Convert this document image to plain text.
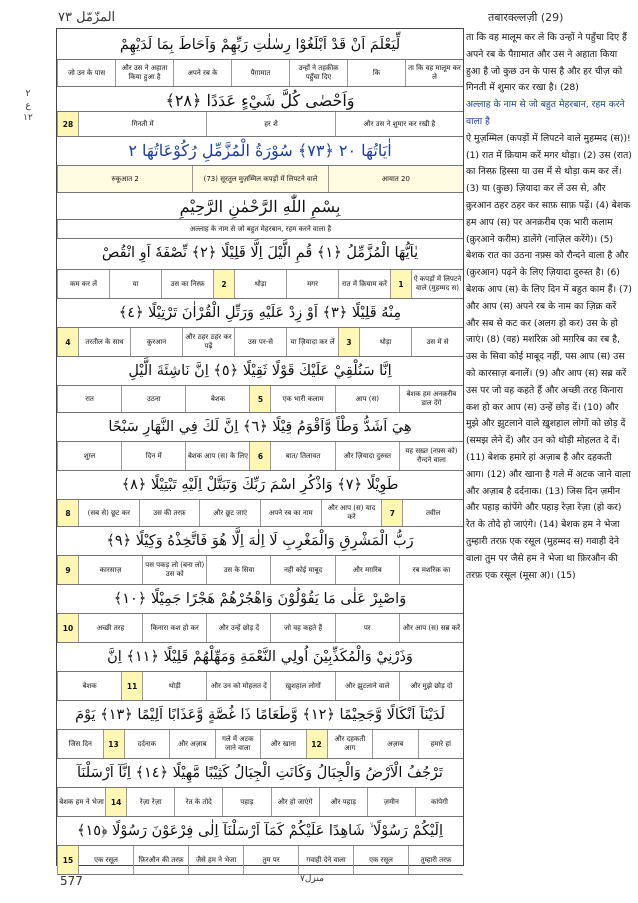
तबारक्ल्लज़ी (29)
المزّمّل ٧٣
٢
ع
١٢
لِّيَعْلَمَ اَنْ قَدْ اَبْلَغُوْا رِسٰلٰتِ رَبِّهِمْ وَاَحَاطَ بِمَا لَدَيْهِمْ
ता कि वह मालूम कर ले
कि
उन्हों ने तहक़ीक़ पहुँचा दिए
पैग़ामात
अपने रब के
और उस ने अहाता किया हुआ है
जो उन के पास
وَاَحْصٰى كُلَّ شَيْءٍ عَدَدًا ﴿٢٨﴾
और उस ने शुमार कर रखी है
हर शै
गिनती में
28
اٰيَاتُهَا ٢٠ ﴿٧٣﴾ سُوْرَةُ الْمُزَّمِّلِ رُكُوْعَاتُهَا ٢
आयात 20
(73) सूरतुल मुज़म्मिल कपड़ों में लिपटने वाले
रुकूआत 2
بِسْمِ اللّٰهِ الرَّحْمٰنِ الرَّحِيْمِ
अल्लाह के नाम से जो बहुत मेहरबान, रहम करने वाला है
يٰاَيُّهَا الْمُزَّمِّلُ ﴿١﴾ قُمِ الَّيْلَ اِلَّا قَلِيْلًا ﴿٢﴾ نِّصْفَهٗ اَوِ انْقُصْ
ऐ कपड़ों में लिपटने वाले (मुहम्मद स)
1
रात में क़ियाम करें
मगर
थोड़ा
2
उस का निस्फ़
या
कम कर लें
مِنْهُ قَلِيْلًا ﴿٣﴾ اَوْ زِدْ عَلَيْهِ وَرَتِّلِ الْقُرْاٰنَ تَرْتِيْلًا ﴿٤﴾
उस में से
थोड़ा
3
या ज़ियादा कर लें
उस पर-से
और ठहर ठहर कर पढ़ें
क़ुरआन
तरतील के साथ
4
اِنَّا سَنُلْقِيْ عَلَيْكَ قَوْلًا ثَقِيْلًا ﴿٥﴾ اِنَّ نَاشِئَةَ الَّيْلِ
बेशक हम अनक़रीब डाल देंगे
आप (स)
एक भारी कलाम
5
बेशक
उठना
रात
هِيَ اَشَدُّ وَطْاً وَّاَقْوَمُ قِيْلًا ﴿٦﴾ اِنَّ لَكَ فِي النَّهَارِ سَبْحًا
यह सख़्त (नफ़्स को) रौन्दने वाला
और ज़ियादा दुरुस्त
बात/ तिलावत
6
बेशक आप (स) के लिए
दिन में
शुग़्ल
طَوِيْلًا ﴿٧﴾ وَاذْكُرِ اسْمَ رَبِّكَ وَتَبَتَّلْ اِلَيْهِ تَبْتِيْلًا ﴿٨﴾
तवील
7
और आप (स) याद करें
अपने रब का नाम
और छूट जाएं
उस की तरफ़
(सब से) छूट कर
8
رَبُّ الْمَشْرِقِ وَالْمَغْرِبِ لَا اِلٰهَ اِلَّا هُوَ فَاتَّخِذْهُ وَكِيْلًا ﴿٩﴾
रब मशरिक़ का
और मग़रिब
नहीं कोई माबूद
उस के सिवा
पस पकड़ लो (बना लो) उस को
कारसाज़
9
وَاصْبِرْ عَلٰى مَا يَقُوْلُوْنَ وَاهْجُرْهُمْ هَجْرًا جَمِيْلًا ﴿١٠﴾
और आप (स) सब्र करें
पर
जो वह कहते हैं
और उन्हें छोड़ दें
किनारा कश हो कर
अच्छी तरह
10
وَذَرْنِيْ وَالْمُكَذِّبِيْنَ اُولِي النَّعْمَةِ وَمَهِّلْهُمْ قَلِيْلًا ﴿١١﴾ اِنَّ
और मुझे छोड़ दो
और झुटलाने वाले
ख़ुशहाल लोगों
और उन को मोहलत दें
थोड़ी
11
बेशक
لَدَيْنَآ اَنْكَالًا وَّجَحِيْمًا ﴿١٢﴾ وَّطَعَامًا ذَا غُصَّةٍ وَّعَذَابًا اَلِيْمًا ﴿١٣﴾ يَوْمَ
हमारे हां
अज़ाब
और दहकती आग
12
और खाना
गले में अटक जाने वाला
और अज़ाब
दर्दनाक
13
जिस दिन
تَرْجُفُ الْاَرْضُ وَالْجِبَالُ وَكَانَتِ الْجِبَالُ كَثِيْبًا مَّهِيْلًا ﴿١٤﴾ اِنَّآ اَرْسَلْنَآ
कांपेगी
ज़मीन
और पहाड़
और हो जाएंगे
पहाड़
रेत के तोदे
रेज़ा रेज़ा
14
बेशक हम ने भेजा
اِلَيْكُمْ رَسُوْلًا ۙ شَاهِدًا عَلَيْكُمْ كَمَآ اَرْسَلْنَآ اِلٰى فِرْعَوْنَ رَسُوْلًا ﴿١٥﴾
तुम्हारी तरफ़
एक रसूल
गवाही देने वाला
तुम पर
जैसे हम ने भेजा
फ़िरऔन की तरफ़
एक रसूल
15

ता कि वह मालूम कर ले कि उन्हों ने पहुँचा दिए हैं अपने रब के पैग़ामात और उस ने अहाता किया हुआ है जो कुछ उन के पास है और हर चीज़ को गिनती में शुमार कर रखा है। (28)

अल्लाह के नाम से जो बहुत मेहरबान, रहम करने वाला है

ऐ मुज़म्मिल (कपड़ों में लिपटने वाले मुहम्मद (स))! (1) रात में क़ियाम करें मगर थोड़ा। (2) उस (रात) का निस्फ़ हिस्सा या उस में से थोड़ा कम कर लें। (3) या (कुछ) ज़ियादा कर लें उस से, और क़ुरआन ठहर ठहर कर साफ़ साफ़ पढ़ें। (4) बेशक हम आप (स) पर अनक़रीब एक भारी कलाम (क़ुरआने करीम) डालेंगे (नाज़िल करेंगे)। (5) बेशक रात का उठना नफ़्स को रौन्दने वाला है और (क़ुरआन) पढ़ने के लिए ज़ियादा दुरुस्त है। (6) बेशक आप (स) के लिए दिन में बहुत काम हैं। (7) और आप (स) अपने रब के नाम का ज़िक्र करें और सब से कट कर (अलग हो कर) उस के हो जाएं। (8) (वह) मशरिक़ ओ मग़रिब का रब है, उस के सिवा कोई माबूद नहीं, पस आप (स) उस को कारसाज़ बनालें। (9) और आप (स) सब्र करें उस पर जो वह कहते हैं और अच्छी तरह किनारा कश हो कर आप (स) उन्हें छोड़ दें। (10) और मुझे और झुटलाने वाले ख़ुशहाल लोगों को छोड़ दें (समझ लेने दें) और उन को थोड़ी मोहलत दे दें। (11) बेशक हमारे हां अज़ाब है और दहकती आग। (12) और खाना है गले में अटक जाने वाला और अज़ाब है दर्दनाक। (13) जिस दिन ज़मीन और पहाड़ कांपेंगे और पहाड़ रेज़ा रेज़ा (हो कर) रेत के तोदे हो जाएंगे। (14) बेशक हम ने भेजा तुम्हारी तरफ़ एक रसूल (मुहम्मद स) गवाही देने वाला तुम पर जैसे हम ने भेजा था फ़िरऔन की तरफ़ एक रसूल (मूसा अ)। (15)

577	منزل٧
